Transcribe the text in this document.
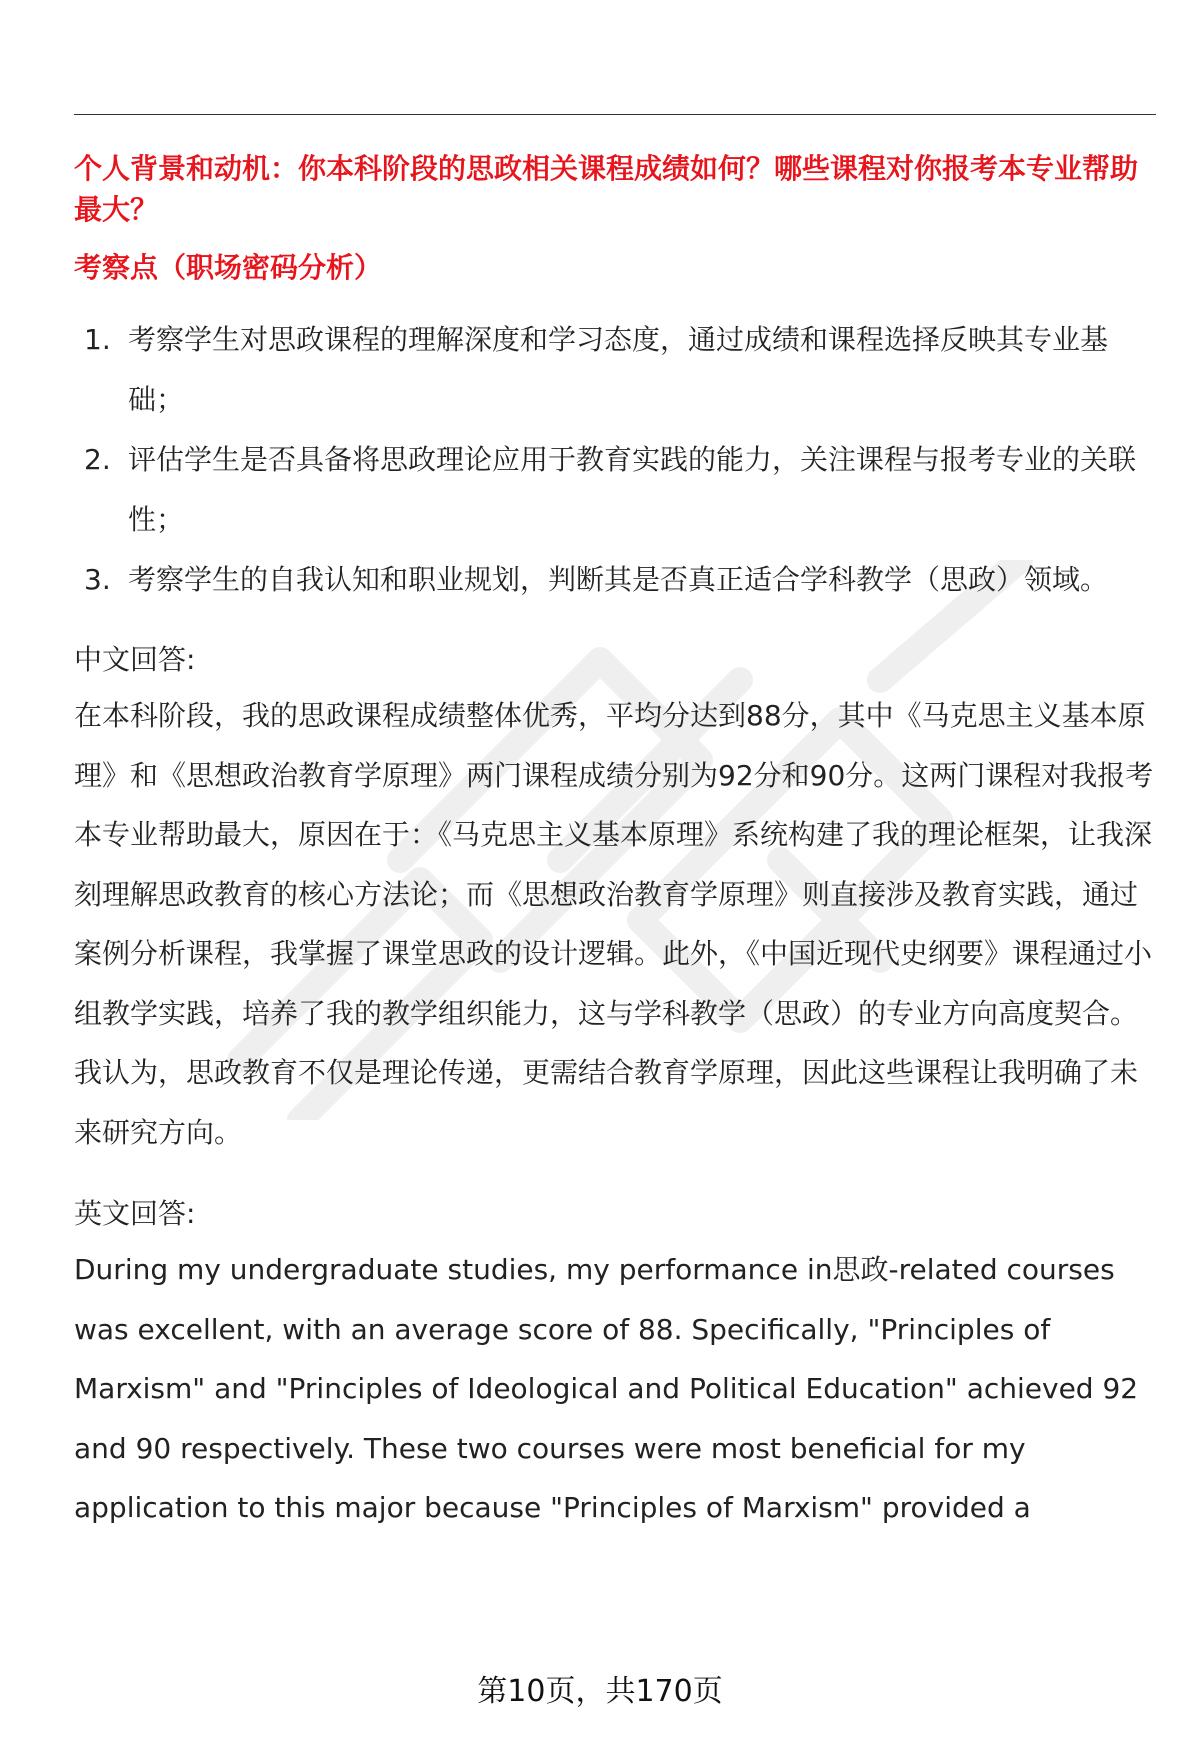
个人背景和动机：你本科阶段的思政相关课程成绩如何？哪些课程对你报考本专业帮助最大？

考察点（职场密码分析）

1. 考察学生对思政课程的理解深度和学习态度，通过成绩和课程选择反映其专业基础；
2. 评估学生是否具备将思政理论应用于教育实践的能力，关注课程与报考专业的关联性；
3. 考察学生的自我认知和职业规划，判断其是否真正适合学科教学（思政）领域。

中文回答:

在本科阶段，我的思政课程成绩整体优秀，平均分达到88分，其中《马克思主义基本原理》和《思想政治教育学原理》两门课程成绩分别为92分和90分。这两门课程对我报考本专业帮助最大，原因在于：《马克思主义基本原理》系统构建了我的理论框架，让我深刻理解思政教育的核心方法论；而《思想政治教育学原理》则直接涉及教育实践，通过案例分析课程，我掌握了课堂思政的设计逻辑。此外，《中国近现代史纲要》课程通过小组教学实践，培养了我的教学组织能力，这与学科教学（思政）的专业方向高度契合。我认为，思政教育不仅是理论传递，更需结合教育学原理，因此这些课程让我明确了未来研究方向。

英文回答:

During my undergraduate studies, my performance in思政-related courses was excellent, with an average score of 88. Specifically, "Principles of Marxism" and "Principles of Ideological and Political Education" achieved 92 and 90 respectively. These two courses were most beneficial for my application to this major because "Principles of Marxism" provided a

第10页，共170页
